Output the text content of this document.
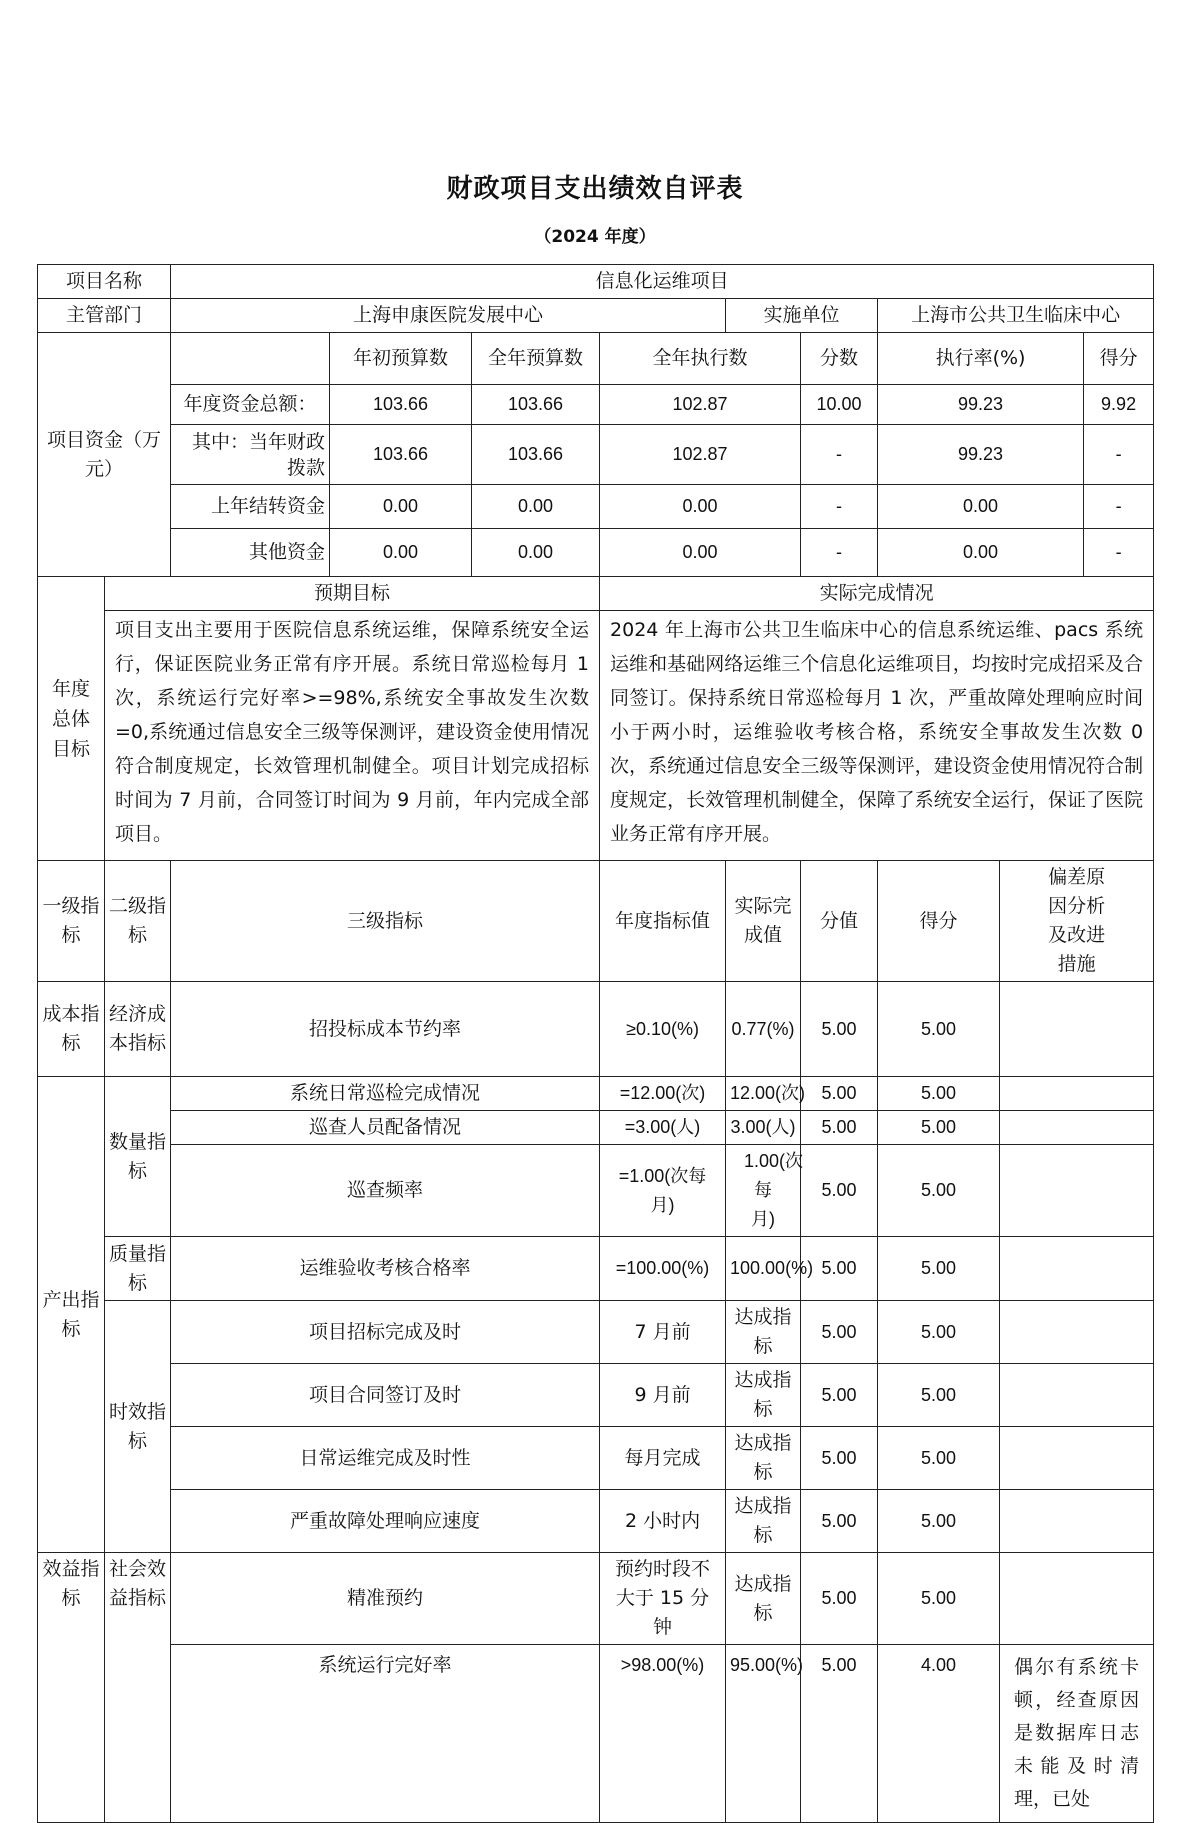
财政项目支出绩效自评表
（2024 年度）
项目名称		信息化运维项目								
主管部门		上海申康医院发展中心				实施单位		上海市公共卫生临床中心		
项目资金（万元）			年初预算数	全年预算数	全年执行数		分数	执行率(%)		得分
		年度资金总额：	103.66	103.66	102.87		10.00	99.23		9.92
		其中：当年财政拨款	103.66	103.66	102.87		-	99.23		-
		上年结转资金	0.00	0.00	0.00		-	0.00		-
		其他资金	0.00	0.00	0.00		-	0.00		-
年度总体目标	预期目标				实际完成情况					
	项目支出主要用于医院信息系统运维，保障系统安全运行，保证医院业务正常有序开展。系统日常巡检每月 1 次，系统运行完好率>=98%,系统安全事故发生次数=0,系统通过信息安全三级等保测评，建设资金使用情况符合制度规定，长效管理机制健全。项目计划完成招标时间为 7 月前，合同签订时间为 9 月前，年内完成全部项目。				2024 年上海市公共卫生临床中心的信息系统运维、pacs 系统运维和基础网络运维三个信息化运维项目，均按时完成招采及合同签订。保持系统日常巡检每月 1 次，严重故障处理响应时间小于两小时，运维验收考核合格，系统安全事故发生次数 0 次，系统通过信息安全三级等保测评，建设资金使用情况符合制度规定，长效管理机制健全，保障了系统安全运行，保证了医院业务正常有序开展。					
一级指标	二级指标	三级指标			年度指标值	实际完成值	分值	得分	偏差原因分析及改进措施	
成本指标	经济成本指标	招投标成本节约率			≥0.10(%)	0.77(%)	5.00	5.00		
产出指标	数量指标	系统日常巡检完成情况			=12.00(次)	12.00(次)	5.00	5.00		
		巡查人员配备情况			=3.00(人)	3.00(人)	5.00	5.00		
		巡查频率			=1.00(次每月)	1.00(次每月)	5.00	5.00		
	质量指标	运维验收考核合格率			=100.00(%)	100.00(%)	5.00	5.00		
	时效指标	项目招标完成及时			7 月前	达成指标	5.00	5.00		
		项目合同签订及时			9 月前	达成指标	5.00	5.00		
		日常运维完成及时性			每月完成	达成指标	5.00	5.00		
		严重故障处理响应速度			2 小时内	达成指标	5.00	5.00		
效益指标	社会效益指标	精准预约			预约时段不大于 15 分钟	达成指标	5.00	5.00		
		系统运行完好率			>98.00(%)	95.00(%)	5.00	4.00	偶尔有系统卡顿，经查原因是数据库日志未能及时清理，已处	
